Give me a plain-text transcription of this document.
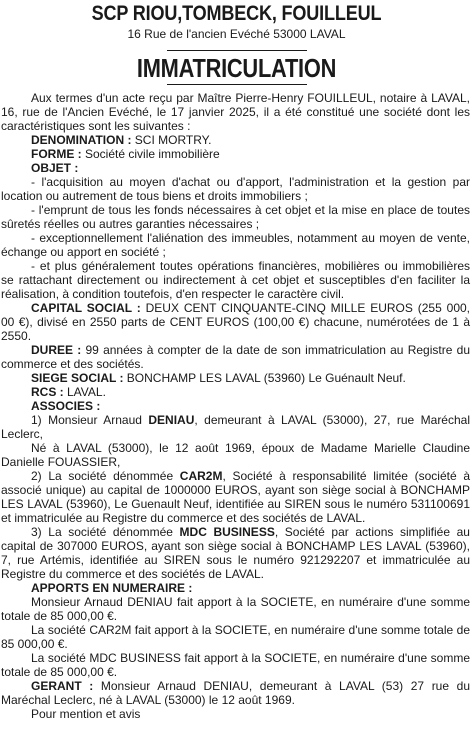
SCP RIOU,TOMBECK, FOUILLEUL

16 Rue de l'ancien Evéché 53000 LAVAL

IMMATRICULATION

Aux termes d'un acte reçu par Maître Pierre-Henry FOUILLEUL, notaire à LAVAL, 16, rue de l'Ancien Evéché, le 17 janvier 2025, il a été constitué une société dont les caractéristiques sont les suivantes :

DENOMINATION : SCI MORTRY.

FORME : Société civile immobilière

OBJET :

- l'acquisition au moyen d'achat ou d'apport, l'administration et la gestion par location ou autrement de tous biens et droits immobiliers ;

- l'emprunt de tous les fonds nécessaires à cet objet et la mise en place de toutes sûretés réelles ou autres garanties nécessaires ;

- exceptionnellement l'aliénation des immeubles, notamment au moyen de vente, échange ou apport en société ;

- et plus généralement toutes opérations financières, mobilières ou immobilières se rattachant directement ou indirectement à cet objet et susceptibles d'en faciliter la réalisation, à condition toutefois, d'en respecter le caractère civil.

CAPITAL SOCIAL : DEUX CENT CINQUANTE-CINQ MILLE EUROS (255 000, 00 €), divisé en 2550 parts de CENT EUROS (100,00 €) chacune, numérotées de 1 à 2550.

DUREE : 99 années à compter de la date de son immatriculation au Registre du commerce et des sociétés.

SIEGE SOCIAL : BONCHAMP LES LAVAL (53960) Le Guénault Neuf.

RCS : LAVAL.

ASSOCIES :

1) Monsieur Arnaud DENIAU, demeurant à LAVAL (53000), 27, rue Maréchal Leclerc,

Né à LAVAL (53000), le 12 août 1969, époux de Madame Marielle Claudine Danielle FOUASSIER,

2) La société dénommée CAR2M, Société à responsabilité limitée (société à associé unique) au capital de 1000000 EUROS, ayant son siège social à BONCHAMP LES LAVAL (53960), Le Guenault Neuf, identifiée au SIREN sous le numéro 531100691 et immatriculée au Registre du commerce et des sociétés de LAVAL.

3) La société dénommée MDC BUSINESS, Société par actions simplifiée au capital de 307000 EUROS, ayant son siège social à BONCHAMP LES LAVAL (53960), 7, rue Artémis, identifiée au SIREN sous le numéro 921292207 et immatriculée au Registre du commerce et des sociétés de LAVAL.

APPORTS EN NUMERAIRE :

Monsieur Arnaud DENIAU fait apport à la SOCIETE, en numéraire d'une somme totale de 85 000,00 €.

La société CAR2M fait apport à la SOCIETE, en numéraire d'une somme totale de 85 000,00 €.

La société MDC BUSINESS fait apport à la SOCIETE, en numéraire d'une somme totale de 85 000,00 €.

GERANT : Monsieur Arnaud DENIAU, demeurant à LAVAL (53) 27 rue du Maréchal Leclerc, né à LAVAL (53000) le 12 août 1969.

Pour mention et avis
